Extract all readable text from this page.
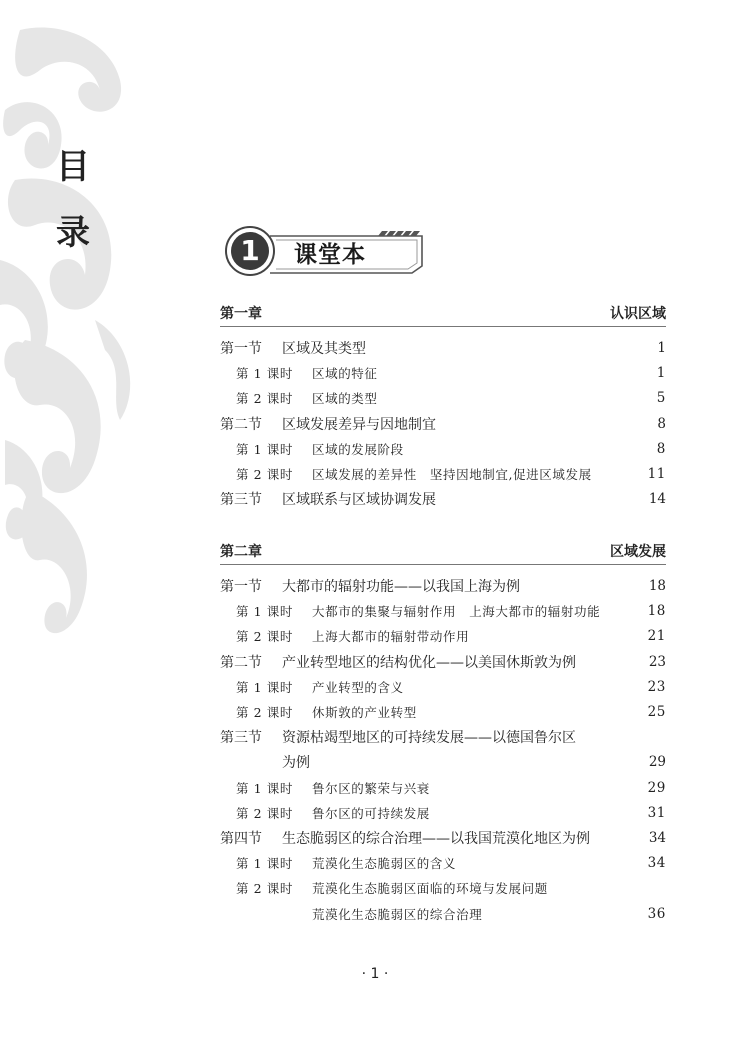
目
录	1 课堂本
第一章	认识区域
第一节 区域及其类型	1
第 1 课时 区域的特征	1
第 2 课时 区域的类型	5
第二节 区域发展差异与因地制宜	8
第 1 课时 区域的发展阶段	8
第 2 课时 区域发展的差异性　坚持因地制宜,促进区域发展	11
第三节 区域联系与区域协调发展	14
第二章	区域发展
第一节 大都市的辐射功能——以我国上海为例	18
第 1 课时 大都市的集聚与辐射作用　上海大都市的辐射功能	18
第 2 课时 上海大都市的辐射带动作用	21
第二节 产业转型地区的结构优化——以美国休斯敦为例	23
第 1 课时 产业转型的含义	23
第 2 课时 休斯敦的产业转型	25
第三节 资源枯竭型地区的可持续发展——以德国鲁尔区
为例	29
第 1 课时 鲁尔区的繁荣与兴衰	29
第 2 课时 鲁尔区的可持续发展	31
第四节 生态脆弱区的综合治理——以我国荒漠化地区为例	34
第 1 课时 荒漠化生态脆弱区的含义	34
第 2 课时 荒漠化生态脆弱区面临的环境与发展问题
荒漠化生态脆弱区的综合治理	36
· 1 ·
